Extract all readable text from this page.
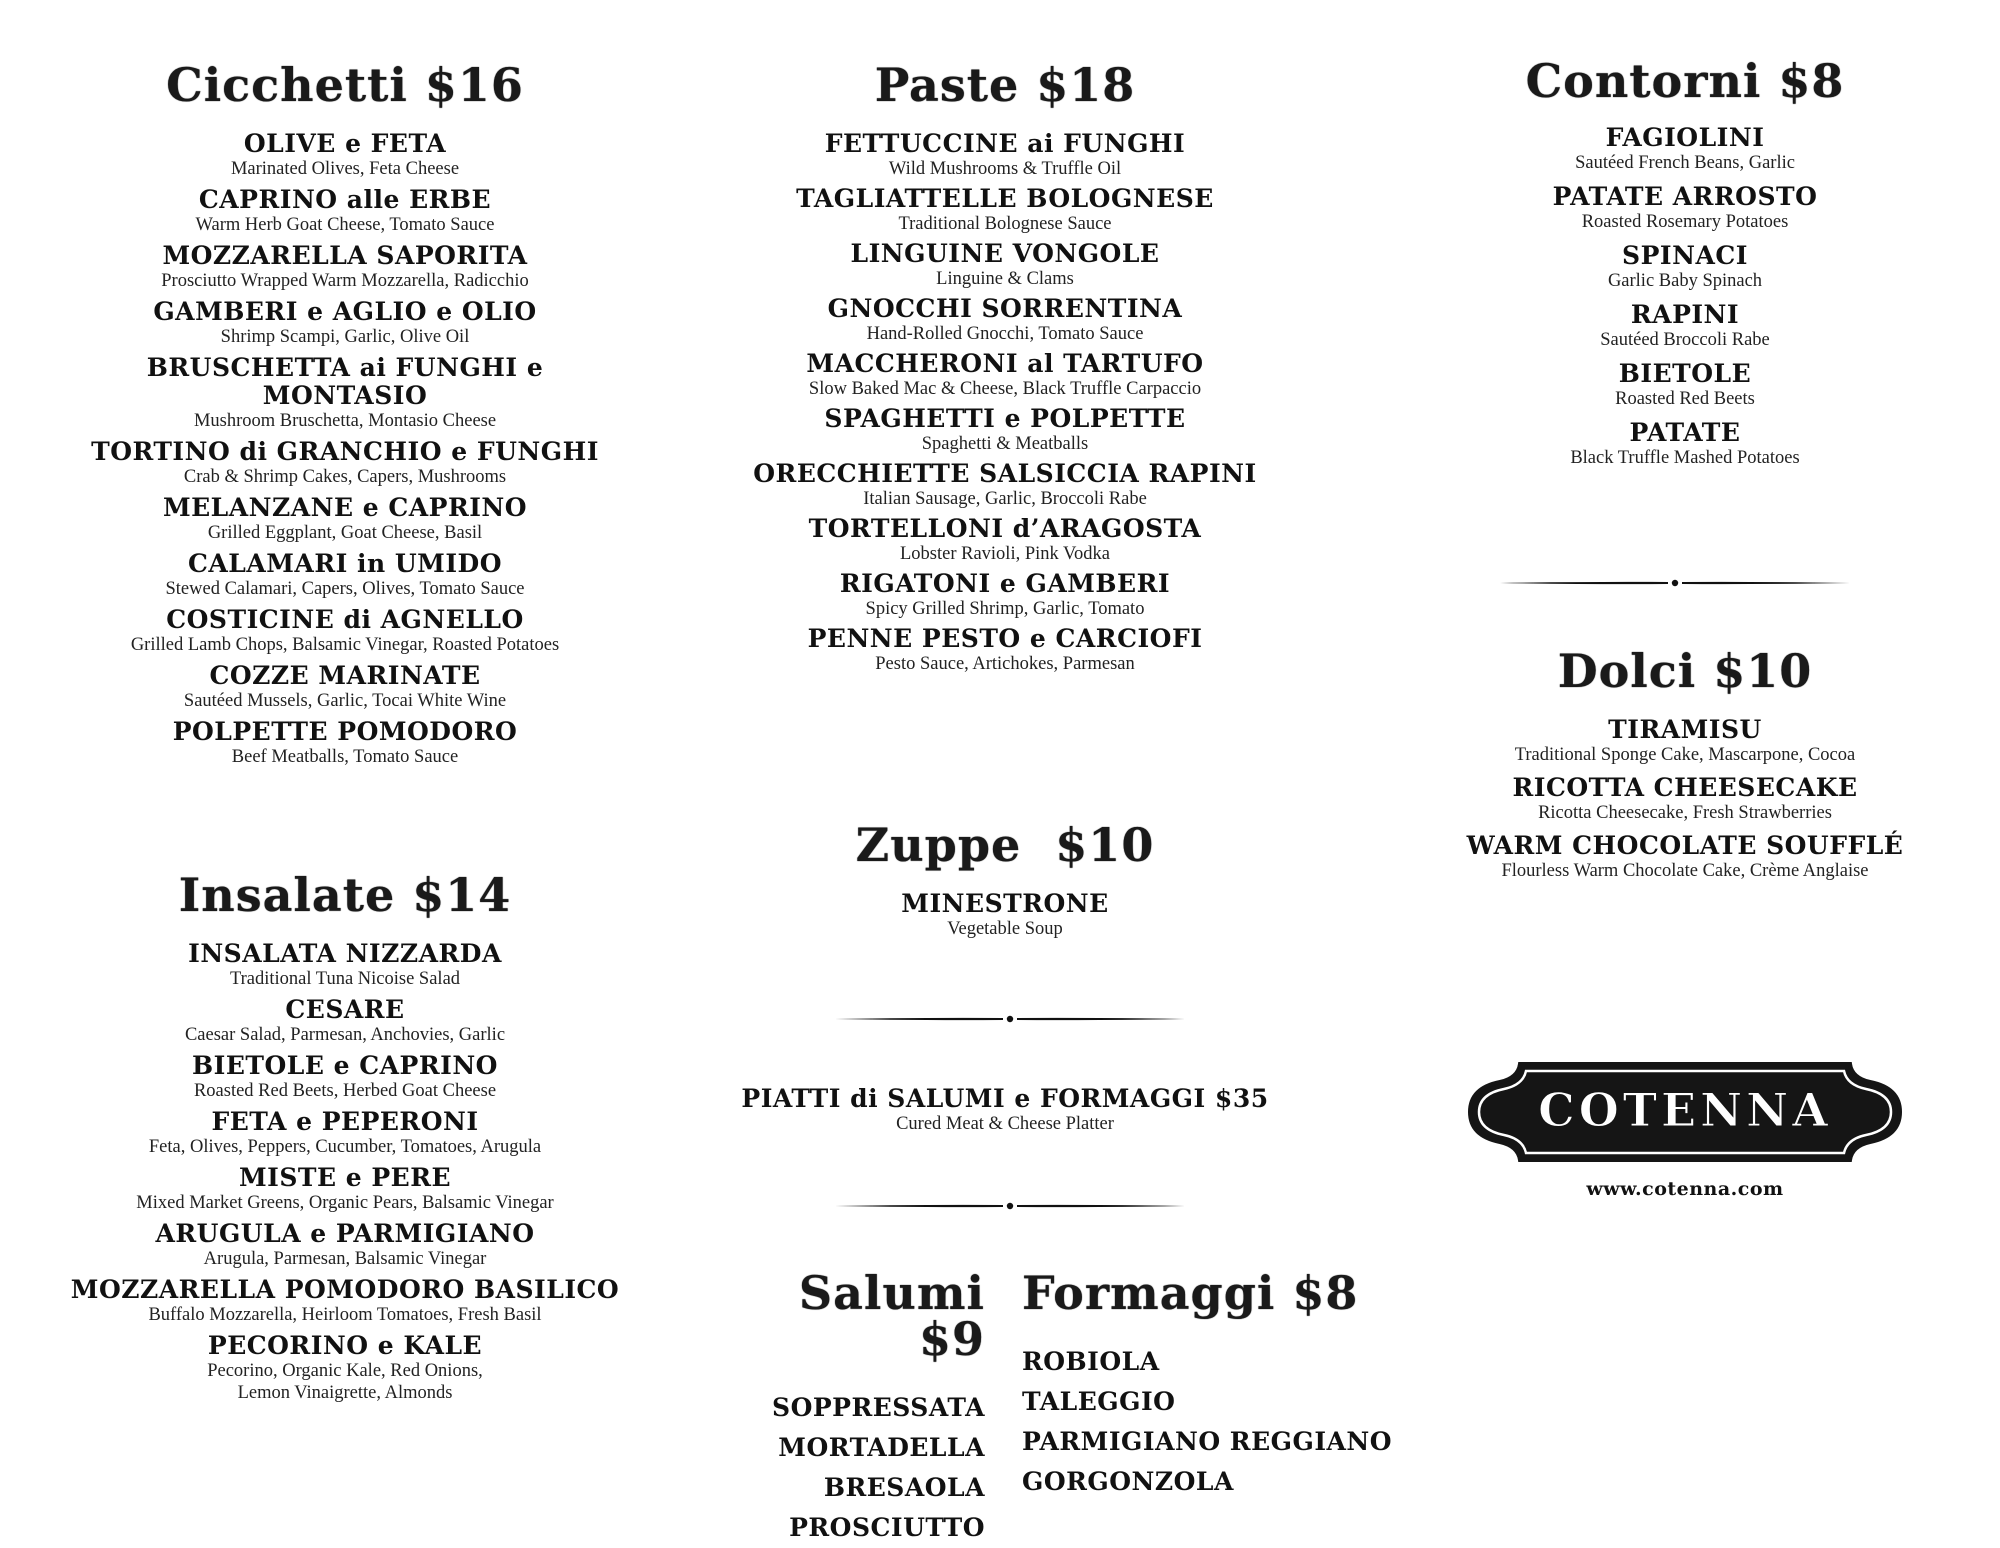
Cicchetti $16
OLIVE e FETA
Marinated Olives, Feta Cheese
CAPRINO alle ERBE
Warm Herb Goat Cheese, Tomato Sauce
MOZZARELLA SAPORITA
Prosciutto Wrapped Warm Mozzarella, Radicchio
GAMBERI e AGLIO e OLIO
Shrimp Scampi, Garlic, Olive Oil
BRUSCHETTA ai FUNGHI e MONTASIO
Mushroom Bruschetta, Montasio Cheese
TORTINO di GRANCHIO e FUNGHI
Crab & Shrimp Cakes, Capers, Mushrooms
MELANZANE e CAPRINO
Grilled Eggplant, Goat Cheese, Basil
CALAMARI in UMIDO
Stewed Calamari, Capers, Olives, Tomato Sauce
COSTICINE di AGNELLO
Grilled Lamb Chops, Balsamic Vinegar, Roasted Potatoes
COZZE MARINATE
Sautéed Mussels, Garlic, Tocai White Wine
POLPETTE POMODORO
Beef Meatballs, Tomato Sauce
Insalate $14
INSALATA NIZZARDA
Traditional Tuna Nicoise Salad
CESARE
Caesar Salad, Parmesan, Anchovies, Garlic
BIETOLE e CAPRINO
Roasted Red Beets, Herbed Goat Cheese
FETA e PEPERONI
Feta, Olives, Peppers, Cucumber, Tomatoes, Arugula
MISTE e PERE
Mixed Market Greens, Organic Pears, Balsamic Vinegar
ARUGULA e PARMIGIANO
Arugula, Parmesan, Balsamic Vinegar
MOZZARELLA POMODORO BASILICO
Buffalo Mozzarella, Heirloom Tomatoes, Fresh Basil
PECORINO e KALE
Pecorino, Organic Kale, Red Onions,
Lemon Vinaigrette, Almonds
Paste $18
FETTUCCINE ai FUNGHI
Wild Mushrooms & Truffle Oil
TAGLIATTELLE BOLOGNESE
Traditional Bolognese Sauce
LINGUINE VONGOLE
Linguine & Clams
GNOCCHI SORRENTINA
Hand-Rolled Gnocchi, Tomato Sauce
MACCHERONI al TARTUFO
Slow Baked Mac & Cheese, Black Truffle Carpaccio
SPAGHETTI e POLPETTE
Spaghetti & Meatballs
ORECCHIETTE SALSICCIA RAPINI
Italian Sausage, Garlic, Broccoli Rabe
TORTELLONI d’ARAGOSTA
Lobster Ravioli, Pink Vodka
RIGATONI e GAMBERI
Spicy Grilled Shrimp, Garlic, Tomato
PENNE PESTO e CARCIOFI
Pesto Sauce, Artichokes, Parmesan
Zuppe  $10
MINESTRONE
Vegetable Soup
PIATTI di SALUMI e FORMAGGI $35
Cured Meat & Cheese Platter
Salumi $9
SOPPRESSATA
MORTADELLA
BRESAOLA
PROSCIUTTO
Formaggi $8
ROBIOLA
TALEGGIO
PARMIGIANO REGGIANO
GORGONZOLA
Contorni $8
FAGIOLINI
Sautéed French Beans, Garlic
PATATE ARROSTO
Roasted Rosemary Potatoes
SPINACI
Garlic Baby Spinach
RAPINI
Sautéed Broccoli Rabe
BIETOLE
Roasted Red Beets
PATATE
Black Truffle Mashed Potatoes
Dolci $10
TIRAMISU
Traditional Sponge Cake, Mascarpone, Cocoa
RICOTTA CHEESECAKE
Ricotta Cheesecake, Fresh Strawberries
WARM CHOCOLATE SOUFFLÉ
Flourless Warm Chocolate Cake, Crème Anglaise
COTENNA
www.cotenna.com
